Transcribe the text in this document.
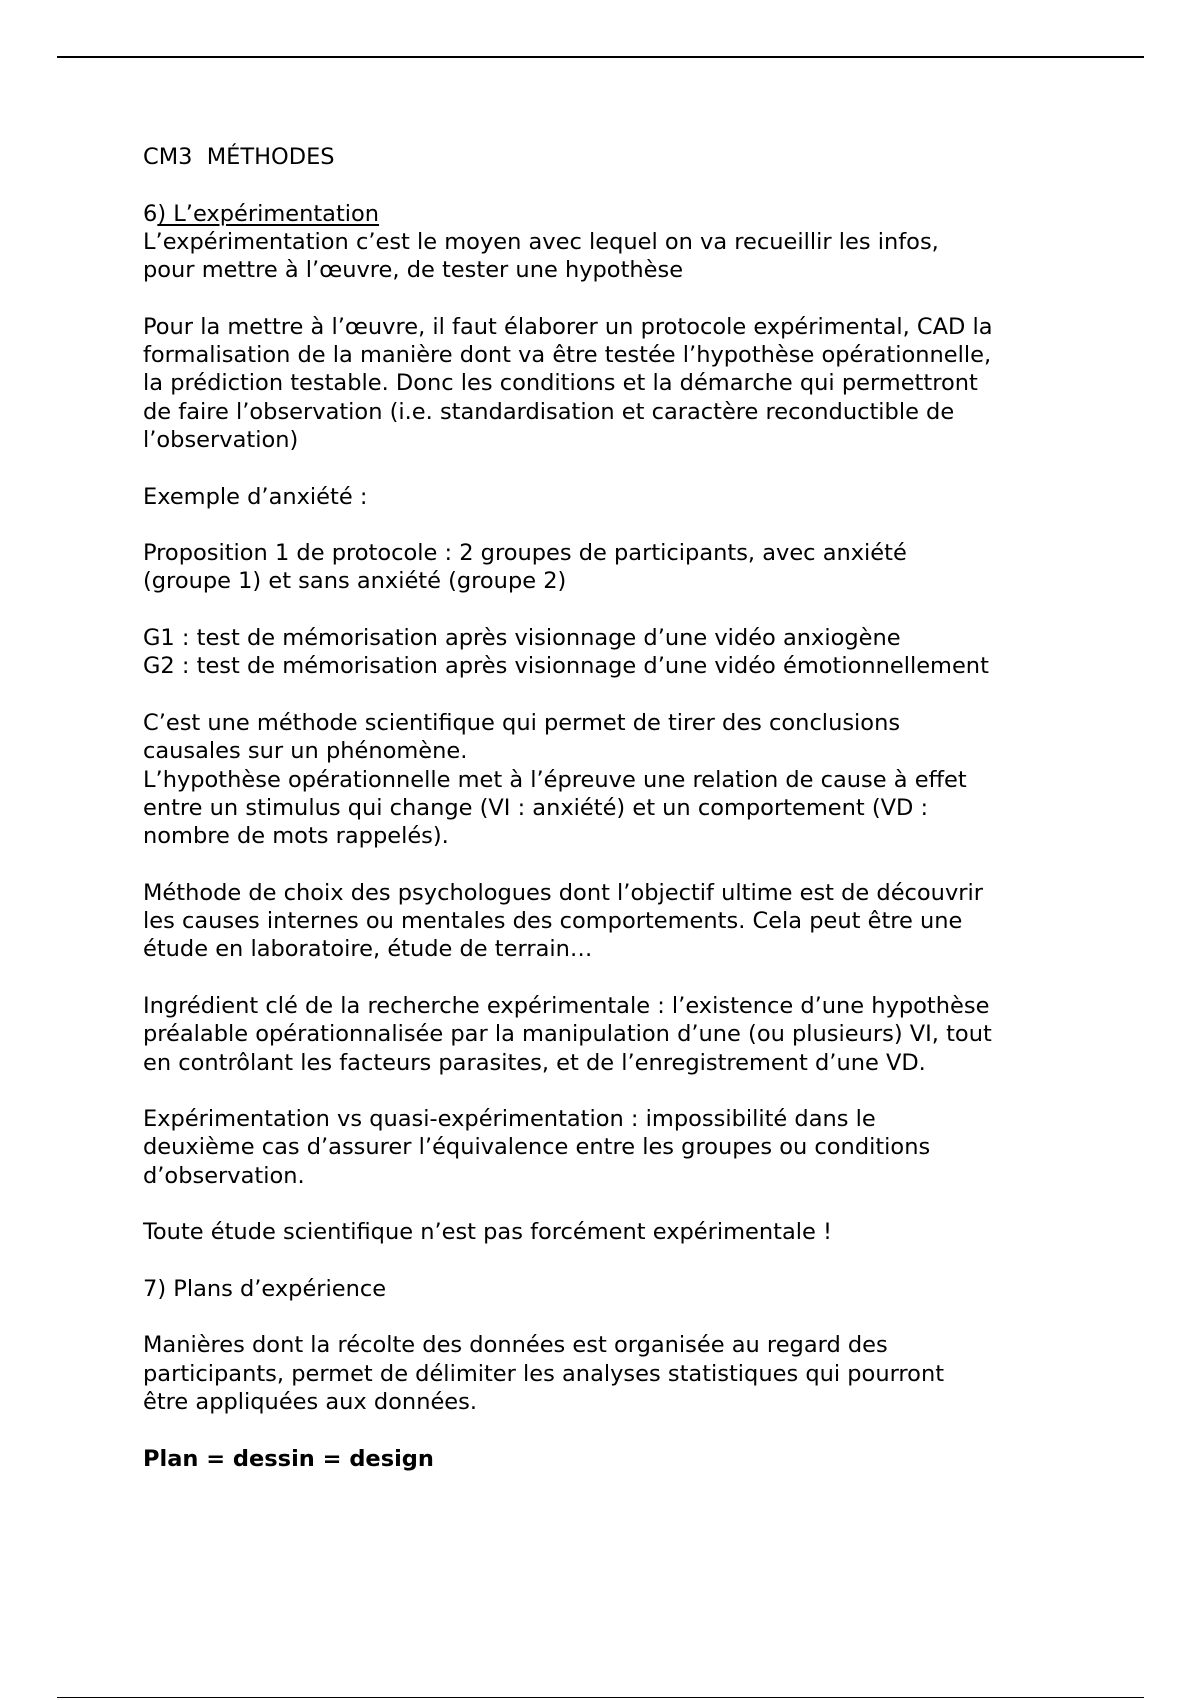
CM3  MÉTHODES
6) L’expérimentation
L’expérimentation c’est le moyen avec lequel on va recueillir les infos,
pour mettre à l’œuvre, de tester une hypothèse
Pour la mettre à l’œuvre, il faut élaborer un protocole expérimental, CAD la
formalisation de la manière dont va être testée l’hypothèse opérationnelle,
la prédiction testable. Donc les conditions et la démarche qui permettront
de faire l’observation (i.e. standardisation et caractère reconductible de
l’observation)
Exemple d’anxiété :
Proposition 1 de protocole : 2 groupes de participants, avec anxiété
(groupe 1) et sans anxiété (groupe 2)
G1 : test de mémorisation après visionnage d’une vidéo anxiogène
G2 : test de mémorisation après visionnage d’une vidéo émotionnellement
C’est une méthode scientifique qui permet de tirer des conclusions
causales sur un phénomène.
L’hypothèse opérationnelle met à l’épreuve une relation de cause à effet
entre un stimulus qui change (VI : anxiété) et un comportement (VD :
nombre de mots rappelés).
Méthode de choix des psychologues dont l’objectif ultime est de découvrir
les causes internes ou mentales des comportements. Cela peut être une
étude en laboratoire, étude de terrain…
Ingrédient clé de la recherche expérimentale : l’existence d’une hypothèse
préalable opérationnalisée par la manipulation d’une (ou plusieurs) VI, tout
en contrôlant les facteurs parasites, et de l’enregistrement d’une VD.
Expérimentation vs quasi-expérimentation : impossibilité dans le
deuxième cas d’assurer l’équivalence entre les groupes ou conditions
d’observation.
Toute étude scientifique n’est pas forcément expérimentale !
7) Plans d’expérience
Manières dont la récolte des données est organisée au regard des
participants, permet de délimiter les analyses statistiques qui pourront
être appliquées aux données.
Plan = dessin = design
